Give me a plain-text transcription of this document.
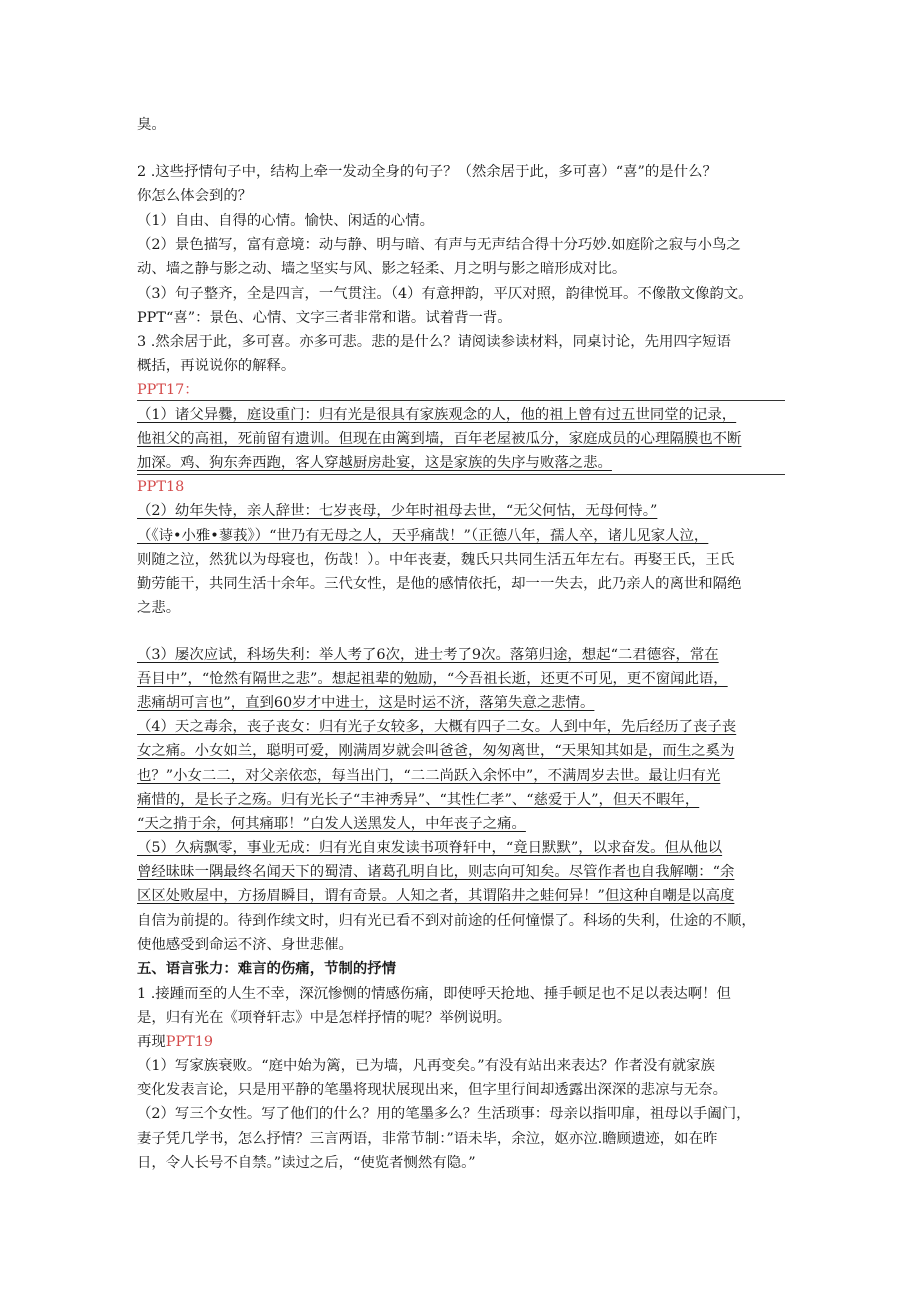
臭。
2 .这些抒情句子中，结构上牵一发动全身的句子？（然余居于此，多可喜）“喜”的是什么？
你怎么体会到的？
（1）自由、自得的心情。愉快、闲适的心情。
（2）景色描写，富有意境：动与静、明与暗、有声与无声结合得十分巧妙.如庭阶之寂与小鸟之
动、墙之静与影之动、墙之坚实与风、影之轻柔、月之明与影之暗形成对比。
（3）句子整齐，全是四言，一气贯注。（4）有意押韵，平仄对照，韵律悦耳。不像散文像韵文。
PPT“喜”：景色、心情、文字三者非常和谐。试着背一背。
3 .然余居于此，多可喜。亦多可悲。悲的是什么？请阅读参读材料，同桌讨论，先用四字短语
概括，再说说你的解释。
PPT17：
（1）诸父异爨，庭设重门：归有光是很具有家族观念的人，他的祖上曾有过五世同堂的记录，
他祖父的高祖，死前留有遗训。但现在由篱到墙，百年老屋被瓜分，家庭成员的心理隔膜也不断
加深。鸡、狗东奔西跑，客人穿越厨房赴宴，这是家族的失序与败落之悲。
PPT18
（2）幼年失恃，亲人辞世：七岁丧母，少年时祖母去世，“无父何怙，无母何恃。”
（《诗•小雅•蓼莪》）“世乃有无母之人，天乎痛哉！”（正德八年，孺人卒，诸儿见家人泣，
则随之泣，然犹以为母寝也，伤哉！）。中年丧妻，魏氏只共同生活五年左右。再娶王氏，王氏
勤劳能干，共同生活十余年。三代女性，是他的感情依托，却一一失去，此乃亲人的离世和隔绝
之悲。
（3）屡次应试，科场失利：举人考了6次，进士考了9次。落第归途，想起“二君德容，常在
吾目中”，“怆然有隔世之悲”。想起祖辈的勉励，“今吾祖长逝，还更不可见，更不窗闻此语，
悲痛胡可言也”，直到60岁才中进士，这是时运不济，落第失意之悲情。
（4）天之毒余，丧子丧女：归有光子女较多，大概有四子二女。人到中年，先后经历了丧子丧
女之痛。小女如兰，聪明可爱，刚满周岁就会叫爸爸，匆匆离世，“天果知其如是，而生之奚为
也？”小女二二，对父亲依恋，每当出门，“二二尚跃入余怀中”，不满周岁去世。最让归有光
痛惜的，是长子之殇。归有光长子“丰神秀异”、“其性仁孝”、“慈爱于人”，但天不暇年，
“天之掯于余，何其痛耶！”白发人送黑发人，中年丧子之痛。
（5）久病飘零，事业无成：归有光自束发读书项脊轩中，“竟日默默”，以求奋发。但从他以
曾经昧昧一隅最终名闻天下的蜀清、诸葛孔明自比，则志向可知矣。尽管作者也自我解嘲：“余
区区处败屋中，方扬眉瞬目，谓有奇景。人知之者，其谓陷井之蛙何异！”但这种自嘲是以高度
自信为前提的。待到作续文时，归有光已看不到对前途的任何憧憬了。科场的失利，仕途的不顺，
使他感受到命运不济、身世悲催。
五、语言张力：难言的伤痛，节制的抒情
1 .接踵而至的人生不幸，深沉惨恻的情感伤痛，即使呼天抢地、捶手顿足也不足以表达啊！但
是，归有光在《项脊轩志》中是怎样抒情的呢？举例说明。
再现PPT19
（1）写家族衰败。“庭中始为篱，已为墙，凡再变矣。”有没有站出来表达？作者没有就家族
变化发表言论，只是用平静的笔墨将现状展现出来，但字里行间却透露出深深的悲凉与无奈。
（2）写三个女性。写了他们的什么？用的笔墨多么？生活琐事：母亲以指叩扉，祖母以手阖门，
妻子凭几学书，怎么抒情？三言两语，非常节制：”语未毕，余泣，妪亦泣.瞻顾遗迹，如在昨
日，令人长号不自禁。”读过之后，“使览者恻然有隐。”
